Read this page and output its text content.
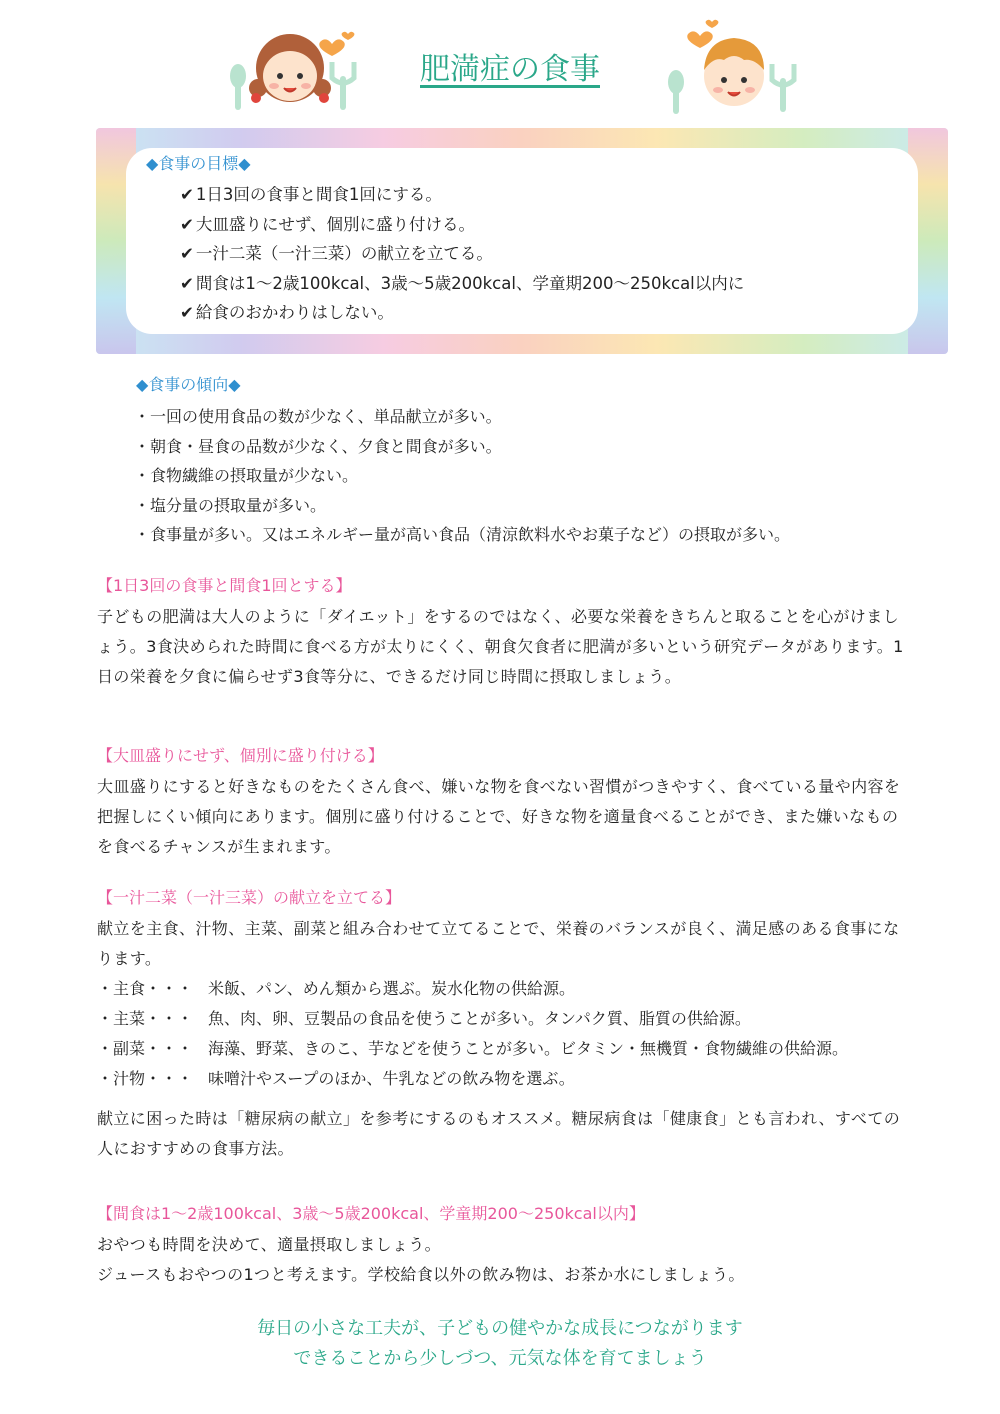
肥満症の食事
◆食事の目標◆
✔ 1日3回の食事と間食1回にする。
✔ 大皿盛りにせず、個別に盛り付ける。
✔ 一汁二菜（一汁三菜）の献立を立てる。
✔ 間食は1～2歳100kcal、3歳～5歳200kcal、学童期200～250kcal以内に
✔ 給食のおかわりはしない。
◆食事の傾向◆
・一回の使用食品の数が少なく、単品献立が多い。
・朝食・昼食の品数が少なく、夕食と間食が多い。
・食物繊維の摂取量が少ない。
・塩分量の摂取量が多い。
・食事量が多い。又はエネルギー量が高い食品（清涼飲料水やお菓子など）の摂取が多い。
【1日3回の食事と間食1回とする】

子どもの肥満は大人のように「ダイエット」をするのではなく、必要な栄養をきちんと取ることを心がけましょう。3食決められた時間に食べる方が太りにくく、朝食欠食者に肥満が多いという研究データがあります。1日の栄養を夕食に偏らせず3食等分に、できるだけ同じ時間に摂取しましょう。

【大皿盛りにせず、個別に盛り付ける】

大皿盛りにすると好きなものをたくさん食べ、嫌いな物を食べない習慣がつきやすく、食べている量や内容を把握しにくい傾向にあります。個別に盛り付けることで、好きな物を適量食べることができ、また嫌いなものを食べるチャンスが生まれます。

【一汁二菜（一汁三菜）の献立を立てる】

献立を主食、汁物、主菜、副菜と組み合わせて立てることで、栄養のバランスが良く、満足感のある食事になります。

・主食・・・ 米飯、パン、めん類から選ぶ。炭水化物の供給源。
・主菜・・・ 魚、肉、卵、豆製品の食品を使うことが多い。タンパク質、脂質の供給源。
・副菜・・・ 海藻、野菜、きのこ、芋などを使うことが多い。ビタミン・無機質・食物繊維の供給源。
・汁物・・・ 味噌汁やスープのほか、牛乳などの飲み物を選ぶ。

献立に困った時は「糖尿病の献立」を参考にするのもオススメ。糖尿病食は「健康食」とも言われ、すべての人におすすめの食事方法。

【間食は1～2歳100kcal、3歳～5歳200kcal、学童期200～250kcal以内】

おやつも時間を決めて、適量摂取しましょう。

ジュースもおやつの1つと考えます。学校給食以外の飲み物は、お茶か水にしましょう。

毎日の小さな工夫が、子どもの健やかな成長につながります
できることから少しづつ、元気な体を育てましょう
